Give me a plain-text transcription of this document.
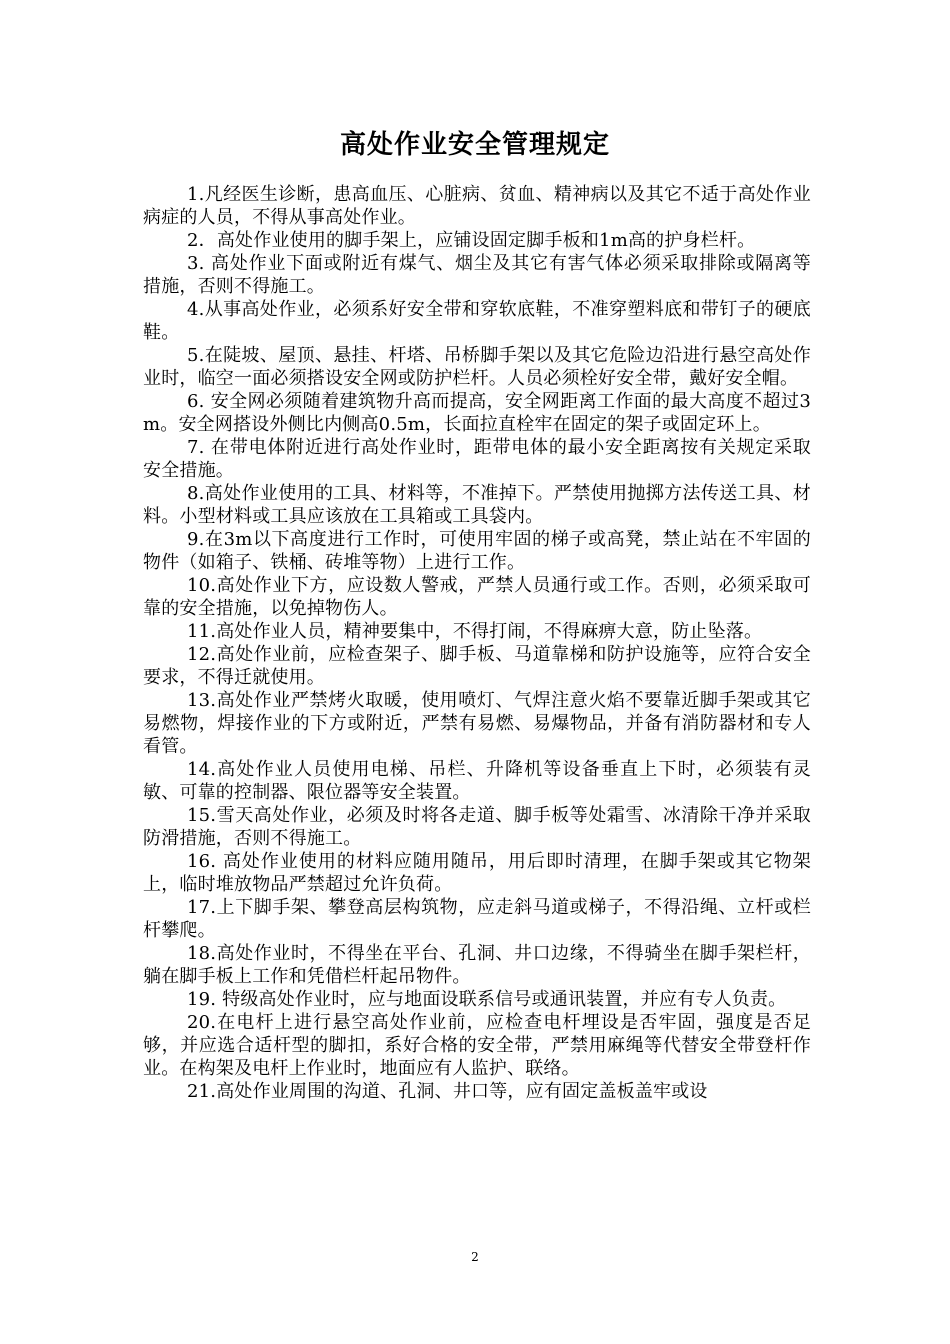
高处作业安全管理规定

1.凡经医生诊断，患高血压、心脏病、贫血、精神病以及其它不适于高处作业病症的人员，不得从事高处作业。

2．高处作业使用的脚手架上，应铺设固定脚手板和1m高的护身栏杆。

3. 高处作业下面或附近有煤气、烟尘及其它有害气体必须采取排除或隔离等措施，否则不得施工。

4.从事高处作业，必须系好安全带和穿软底鞋，不准穿塑料底和带钉子的硬底鞋。

5.在陡坡、屋顶、悬挂、杆塔、吊桥脚手架以及其它危险边沿进行悬空高处作业时，临空一面必须搭设安全网或防护栏杆。人员必须栓好安全带，戴好安全帽。

6. 安全网必须随着建筑物升高而提高，安全网距离工作面的最大高度不超过3m。安全网搭设外侧比内侧高0.5m，长面拉直栓牢在固定的架子或固定环上。

7. 在带电体附近进行高处作业时，距带电体的最小安全距离按有关规定采取安全措施。

8.高处作业使用的工具、材料等，不准掉下。严禁使用抛掷方法传送工具、材料。小型材料或工具应该放在工具箱或工具袋内。

9.在3m以下高度进行工作时，可使用牢固的梯子或高凳，禁止站在不牢固的物件（如箱子、铁桶、砖堆等物）上进行工作。

10.高处作业下方，应设数人警戒，严禁人员通行或工作。否则，必须采取可靠的安全措施，以免掉物伤人。

11.高处作业人员，精神要集中，不得打闹，不得麻痹大意，防止坠落。

12.高处作业前，应检查架子、脚手板、马道靠梯和防护设施等，应符合安全要求，不得迁就使用。

13.高处作业严禁烤火取暖，使用喷灯、气焊注意火焰不要靠近脚手架或其它易燃物，焊接作业的下方或附近，严禁有易燃、易爆物品，并备有消防器材和专人看管。

14.高处作业人员使用电梯、吊栏、升降机等设备垂直上下时，必须装有灵敏、可靠的控制器、限位器等安全装置。

15.雪天高处作业，必须及时将各走道、脚手板等处霜雪、冰清除干净并采取防滑措施，否则不得施工。

16. 高处作业使用的材料应随用随吊，用后即时清理，在脚手架或其它物架上，临时堆放物品严禁超过允许负荷。

17.上下脚手架、攀登高层构筑物，应走斜马道或梯子，不得沿绳、立杆或栏杆攀爬。

18.高处作业时，不得坐在平台、孔洞、井口边缘，不得骑坐在脚手架栏杆，躺在脚手板上工作和凭借栏杆起吊物件。

19. 特级高处作业时，应与地面设联系信号或通讯装置，并应有专人负责。

20.在电杆上进行悬空高处作业前，应检查电杆埋设是否牢固，强度是否足够，并应选合适杆型的脚扣，系好合格的安全带，严禁用麻绳等代替安全带登杆作业。在构架及电杆上作业时，地面应有人监护、联络。

21.高处作业周围的沟道、孔洞、井口等，应有固定盖板盖牢或设

2
